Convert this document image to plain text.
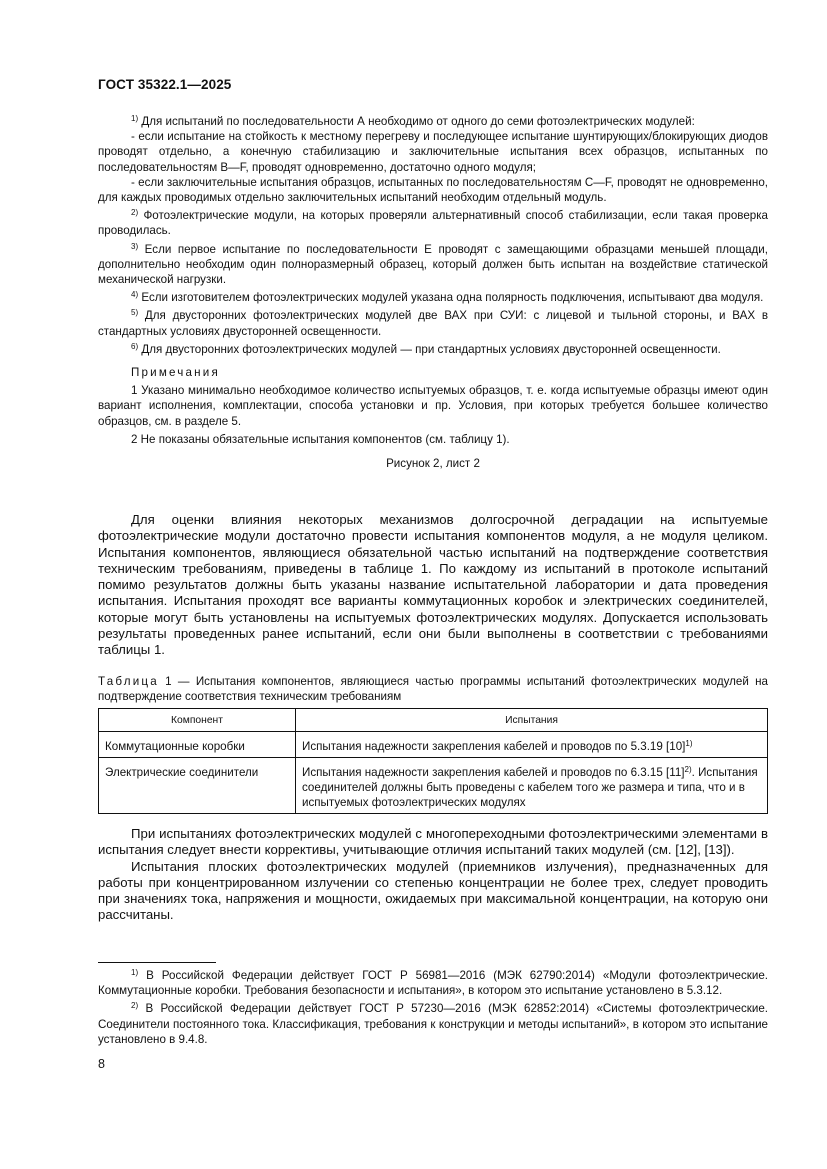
ГОСТ 35322.1—2025

$^{1)}$ Для испытаний по последовательности А необходимо от одного до семи фотоэлектрических модулей:

- если испытание на стойкость к местному перегреву и последующее испытание шунтирующих/блокирующих диодов проводят отдельно, а конечную стабилизацию и заключительные испытания всех образцов, испытанных по последовательностям B—F, проводят одновременно, достаточно одного модуля;

- если заключительные испытания образцов, испытанных по последовательностям С—F, проводят не одновременно, для каждых проводимых отдельно заключительных испытаний необходим отдельный модуль.

$^{2)}$ Фотоэлектрические модули, на которых проверяли альтернативный способ стабилизации, если такая проверка проводилась.

$^{3)}$ Если первое испытание по последовательности Е проводят с замещающими образцами меньшей площади, дополнительно необходим один полноразмерный образец, который должен быть испытан на воздействие статической механической нагрузки.

$^{4)}$ Если изготовителем фотоэлектрических модулей указана одна полярность подключения, испытывают два модуля.

$^{5)}$ Для двусторонних фотоэлектрических модулей две ВАХ при СУИ: с лицевой и тыльной стороны, и ВАХ в стандартных условиях двусторонней освещенности.

$^{6)}$ Для двусторонних фотоэлектрических модулей — при стандартных условиях двусторонней освещенности.

Примечания

1 Указано минимально необходимое количество испытуемых образцов, т. е. когда испытуемые образцы имеют один вариант исполнения, комплектации, способа установки и пр. Условия, при которых требуется большее количество образцов, см. в разделе 5.

2 Не показаны обязательные испытания компонентов (см. таблицу 1).

Рисунок 2, лист 2

Для оценки влияния некоторых механизмов долгосрочной деградации на испытуемые фотоэлектрические модули достаточно провести испытания компонентов модуля, а не модуля целиком. Испытания компонентов, являющиеся обязательной частью испытаний на подтверждение соответствия техническим требованиям, приведены в таблице 1. По каждому из испытаний в протоколе испытаний помимо результатов должны быть указаны название испытательной лаборатории и дата проведения испытания. Испытания проходят все варианты коммутационных коробок и электрических соединителей, которые могут быть установлены на испытуемых фотоэлектрических модулях. Допускается использовать результаты проведенных ранее испытаний, если они были выполнены в соответствии с требованиями таблицы 1.

Таблица 1 — Испытания компонентов, являющиеся частью программы испытаний фотоэлектрических модулей на подтверждение соответствия техническим требованиям
Компонент	Испытания
Коммутационные коробки	Испытания надежности закрепления кабелей и проводов по 5.3.19 $[10]^{1)}$
Электрические соединители	Испытания надежности закрепления кабелей и проводов по 6.3.15 $[11]^{2)}$. Испытания соединителей должны быть проведены с кабелем того же размера и типа, что и в испытуемых фотоэлектрических модулях

При испытаниях фотоэлектрических модулей с многопереходными фотоэлектрическими элементами в испытания следует внести коррективы, учитывающие отличия испытаний таких модулей (см. [12], [13]).

Испытания плоских фотоэлектрических модулей (приемников излучения), предназначенных для работы при концентрированном излучении со степенью концентрации не более трех, следует проводить при значениях тока, напряжения и мощности, ожидаемых при максимальной концентрации, на которую они рассчитаны.

$^{1)}$ В Российской Федерации действует ГОСТ Р 56981—2016 (МЭК 62790:2014) «Модули фотоэлектрические. Коммутационные коробки. Требования безопасности и испытания», в котором это испытание установлено в 5.3.12.

$^{2)}$ В Российской Федерации действует ГОСТ Р 57230—2016 (МЭК 62852:2014) «Системы фотоэлектрические. Соединители постоянного тока. Классификация, требования к конструкции и методы испытаний», в котором это испытание установлено в 9.4.8.

8
